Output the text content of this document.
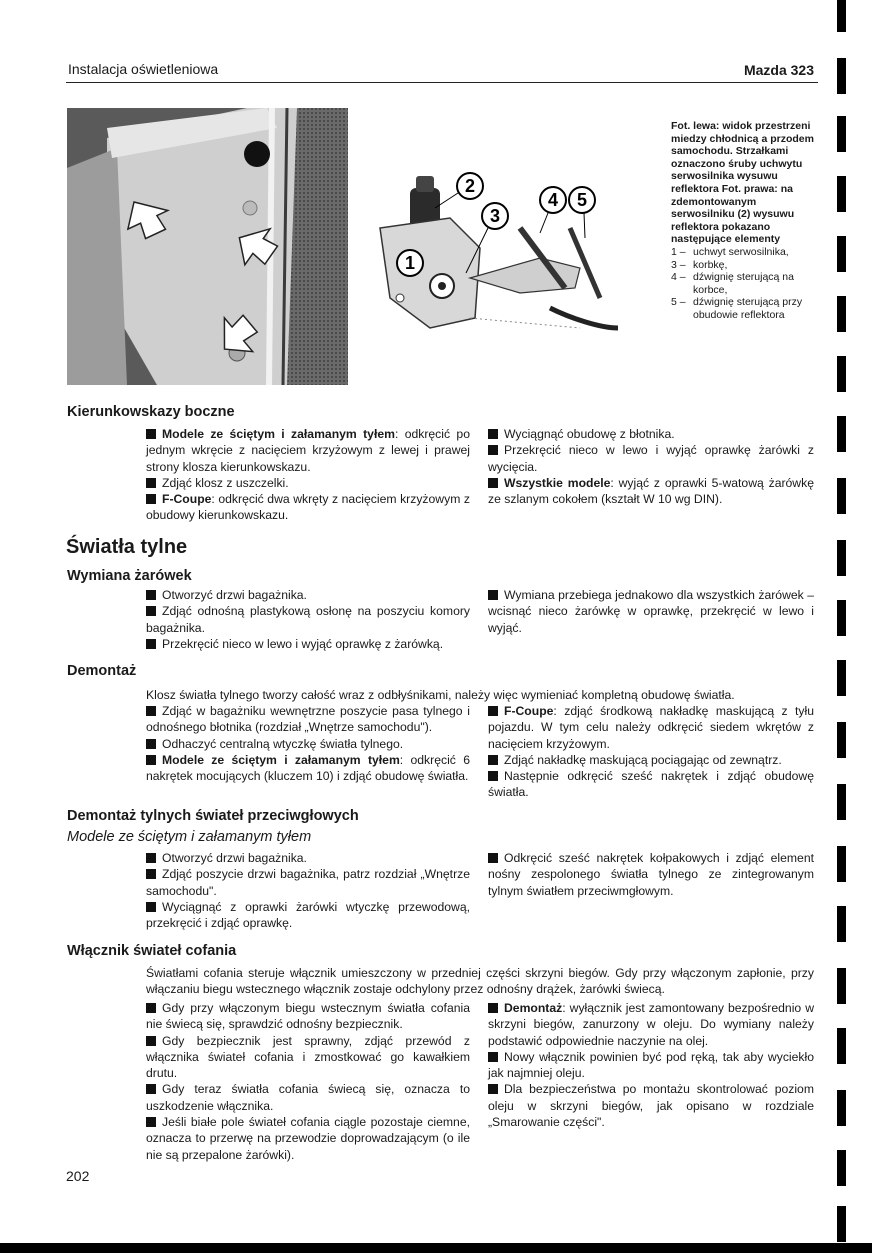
Instalacja oświetleniowa	Mazda 323
1
2
3
4 5
Fot. lewa: widok przestrzeni miedzy chłodnicą a przodem samochodu. Strzałkami oznaczono śruby uchwytu serwosilnika wysuwu reflektora Fot. prawa: na zdemontowanym serwosilniku (2) wysuwu reflektora pokazano następujące elementy
1 – uchwyt serwosilnika,
3 – korbkę,
4 – dźwignię sterującą na korbce,
5 – dźwignię sterującą przy obudowie reflektora
Kierunkowskazy boczne

Modele ze ściętym i załamanym tyłem: odkręcić po jednym wkręcie z nacięciem krzyżowym z lewej i prawej strony klosza kierunkowskazu.

Zdjąć klosz z uszczelki.

F-Coupe: odkręcić dwa wkręty z nacięciem krzyżowym z obudowy kierunkowskazu.

Wyciągnąć obudowę z błotnika.

Przekręcić nieco w lewo i wyjąć oprawkę żarówki z wycięcia.

Wszystkie modele: wyjąć z oprawki 5-watową żarówkę ze szlanym cokołem (kształt W 10 wg DIN).

Światła tylne
Wymiana żarówek

Otworzyć drzwi bagażnika.

Zdjąć odnośną plastykową osłonę na poszyciu komory bagażnika.

Przekręcić nieco w lewo i wyjąć oprawkę z żarówką.

Wymiana przebiega jednakowo dla wszystkich żarówek – wcisnąć nieco żarówkę w oprawkę, przekręcić w lewo i wyjąć.

Demontaż
Klosz światła tylnego tworzy całość wraz z odbłyśnikami, należy więc wymieniać kompletną obudowę światła.

Zdjąć w bagażniku wewnętrzne poszycie pasa tylnego i odnośnego błotnika (rozdział „Wnętrze samochodu").

Odhaczyć centralną wtyczkę światła tylnego.

Modele ze ściętym i załamanym tyłem: odkręcić 6 nakrętek mocujących (kluczem 10) i zdjąć obudowę światła.

F-Coupe: zdjąć środkową nakładkę maskującą z tyłu pojazdu. W tym celu należy odkręcić siedem wkrętów z nacięciem krzyżowym.

Zdjąć nakładkę maskującą pociągając od zewnątrz.

Następnie odkręcić sześć nakrętek i zdjąć obudowę światła.

Demontaż tylnych świateł przeciwgłowych
Modele ze ściętym i załamanym tyłem

Otworzyć drzwi bagażnika.

Zdjąć poszycie drzwi bagażnika, patrz rozdział „Wnętrze samochodu".

Wyciągnąć z oprawki żarówki wtyczkę przewodową, przekręcić i zdjąć oprawkę.

Odkręcić sześć nakrętek kołpakowych i zdjąć element nośny zespolonego światła tylnego ze zintegrowanym tylnym światłem przeciwmgłowym.

Włącznik świateł cofania
Światłami cofania steruje włącznik umieszczony w przedniej części skrzyni biegów. Gdy przy włączonym zapłonie, przy włączaniu biegu wstecznego włącznik zostaje odchylony przez odnośny drążek, żarówki świecą.

Gdy przy włączonym biegu wstecznym światła cofania nie świecą się, sprawdzić odnośny bezpiecznik.

Gdy bezpiecznik jest sprawny, zdjąć przewód z włącznika świateł cofania i zmostkować go kawałkiem drutu.

Gdy teraz światła cofania świecą się, oznacza to uszkodzenie włącznika.

Jeśli białe pole świateł cofania ciągle pozostaje ciemne, oznacza to przerwę na przewodzie doprowadzającym (o ile nie są przepalone żarówki).

Demontaż: wyłącznik jest zamontowany bezpośrednio w skrzyni biegów, zanurzony w oleju. Do wymiany należy podstawić odpowiednie naczynie na olej.

Nowy włącznik powinien być pod ręką, tak aby wyciekło jak najmniej oleju.

Dla bezpieczeństwa po montażu skontrolować poziom oleju w skrzyni biegów, jak opisano w rozdziale „Smarowanie części".

202
